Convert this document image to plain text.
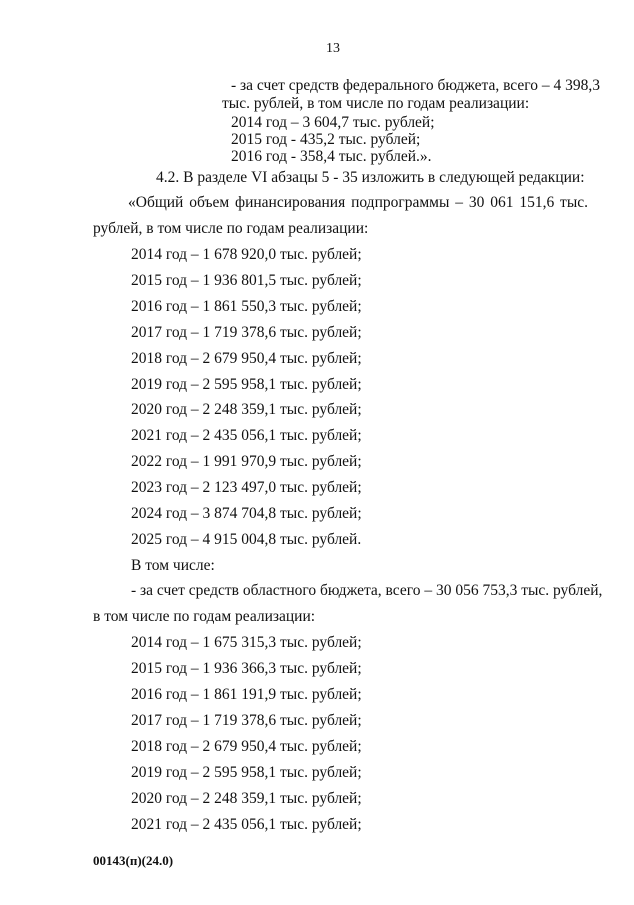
13
- за счет средств федерального бюджета, всего – 4 398,3
тыс. рублей, в том числе по годам реализации:
2014 год – 3 604,7 тыс. рублей;
2015 год - 435,2 тыс. рублей;
2016 год - 358,4 тыс. рублей.».
4.2. В разделе VI абзацы 5 - 35 изложить в следующей редакции:
«Общий объем финансирования подпрограммы – 30 061 151,6 тыс.
рублей, в том числе по годам реализации:
2014 год – 1 678 920,0 тыс. рублей;
2015 год – 1 936 801,5 тыс. рублей;
2016 год – 1 861 550,3 тыс. рублей;
2017 год – 1 719 378,6 тыс. рублей;
2018 год – 2 679 950,4 тыс. рублей;
2019 год – 2 595 958,1 тыс. рублей;
2020 год – 2 248 359,1 тыс. рублей;
2021 год – 2 435 056,1 тыс. рублей;
2022 год – 1 991 970,9 тыс. рублей;
2023 год – 2 123 497,0 тыс. рублей;
2024 год – 3 874 704,8 тыс. рублей;
2025 год – 4 915 004,8 тыс. рублей.
В том числе:
- за счет средств областного бюджета, всего – 30 056 753,3 тыс. рублей,
в том числе по годам реализации:
2014 год – 1 675 315,3 тыс. рублей;
2015 год – 1 936 366,3 тыс. рублей;
2016 год – 1 861 191,9 тыс. рублей;
2017 год – 1 719 378,6 тыс. рублей;
2018 год – 2 679 950,4 тыс. рублей;
2019 год – 2 595 958,1 тыс. рублей;
2020 год – 2 248 359,1 тыс. рублей;
2021 год – 2 435 056,1 тыс. рублей;
00143(п)(24.0)
